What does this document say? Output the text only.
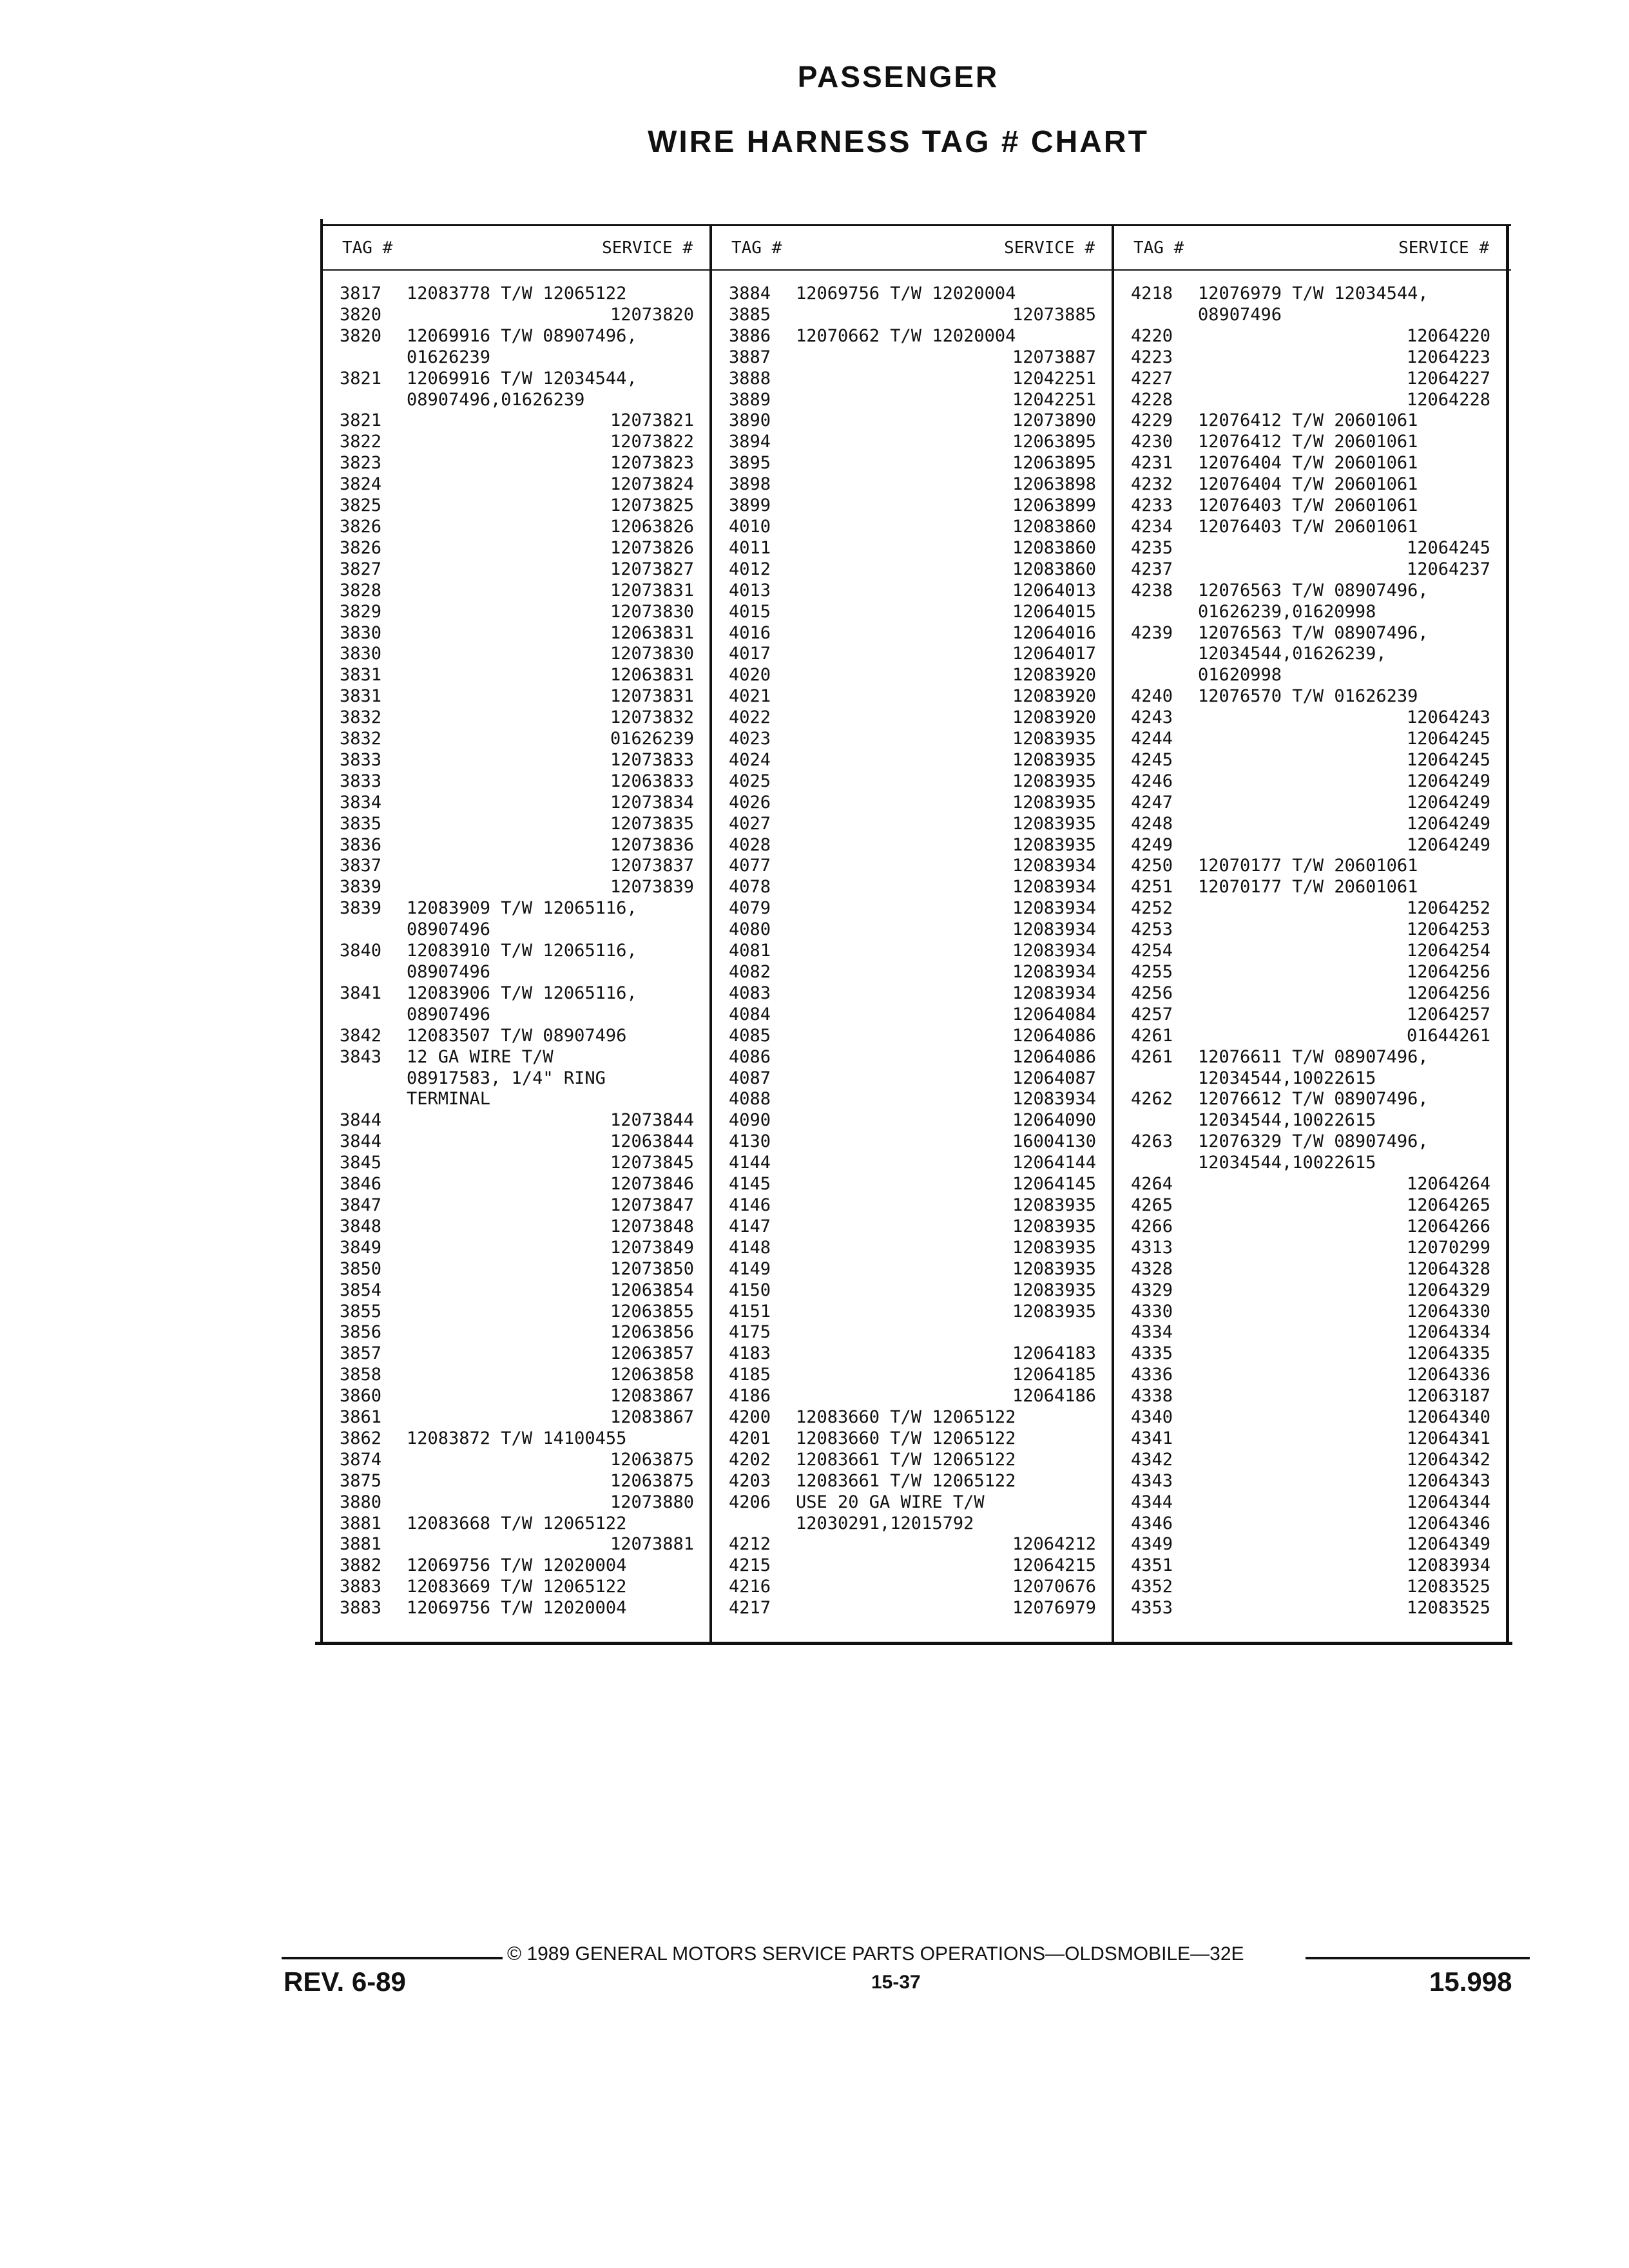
PASSENGER
WIRE HARNESS TAG # CHART
TAG #	SERVICE #
3817	12083778 T/W 12065122
3820	12073820
3820	12069916 T/W 08907496,
01626239
3821	12069916 T/W 12034544,
08907496,01626239
3821	12073821
3822	12073822
3823	12073823
3824	12073824
3825	12073825
3826	12063826
3826	12073826
3827	12073827
3828	12073831
3829	12073830
3830	12063831
3830	12073830
3831	12063831
3831	12073831
3832	12073832
3832	01626239
3833	12073833
3833	12063833
3834	12073834
3835	12073835
3836	12073836
3837	12073837
3839	12073839
3839	12083909 T/W 12065116,
08907496
3840	12083910 T/W 12065116,
08907496
3841	12083906 T/W 12065116,
08907496
3842	12083507 T/W 08907496
3843	12 GA WIRE T/W
08917583, 1/4" RING
TERMINAL
3844	12073844
3844	12063844
3845	12073845
3846	12073846
3847	12073847
3848	12073848
3849	12073849
3850	12073850
3854	12063854
3855	12063855
3856	12063856
3857	12063857
3858	12063858
3860	12083867
3861	12083867
3862	12083872 T/W 14100455
3874	12063875
3875	12063875
3880	12073880
3881	12083668 T/W 12065122
3881	12073881
3882	12069756 T/W 12020004
3883	12083669 T/W 12065122
3883	12069756 T/W 12020004
TAG #	SERVICE #
3884	12069756 T/W 12020004
3885	12073885
3886	12070662 T/W 12020004
3887	12073887
3888	12042251
3889	12042251
3890	12073890
3894	12063895
3895	12063895
3898	12063898
3899	12063899
4010	12083860
4011	12083860
4012	12083860
4013	12064013
4015	12064015
4016	12064016
4017	12064017
4020	12083920
4021	12083920
4022	12083920
4023	12083935
4024	12083935
4025	12083935
4026	12083935
4027	12083935
4028	12083935
4077	12083934
4078	12083934
4079	12083934
4080	12083934
4081	12083934
4082	12083934
4083	12083934
4084	12064084
4085	12064086
4086	12064086
4087	12064087
4088	12083934
4090	12064090
4130	16004130
4144	12064144
4145	12064145
4146	12083935
4147	12083935
4148	12083935
4149	12083935
4150	12083935
4151	12083935
4175

4183	12064183
4185	12064185
4186	12064186
4200	12083660 T/W 12065122
4201	12083660 T/W 12065122
4202	12083661 T/W 12065122
4203	12083661 T/W 12065122
4206	USE 20 GA WIRE T/W
12030291,12015792
4212	12064212
4215	12064215
4216	12070676
4217	12076979
TAG #	SERVICE #
4218	12076979 T/W 12034544,
08907496
4220	12064220
4223	12064223
4227	12064227
4228	12064228
4229	12076412 T/W 20601061
4230	12076412 T/W 20601061
4231	12076404 T/W 20601061
4232	12076404 T/W 20601061
4233	12076403 T/W 20601061
4234	12076403 T/W 20601061
4235	12064245
4237	12064237
4238	12076563 T/W 08907496,
01626239,01620998
4239	12076563 T/W 08907496,
12034544,01626239,
01620998
4240	12076570 T/W 01626239
4243	12064243
4244	12064245
4245	12064245
4246	12064249
4247	12064249
4248	12064249
4249	12064249
4250	12070177 T/W 20601061
4251	12070177 T/W 20601061
4252	12064252
4253	12064253
4254	12064254
4255	12064256
4256	12064256
4257	12064257
4261	01644261
4261	12076611 T/W 08907496,
12034544,10022615
4262	12076612 T/W 08907496,
12034544,10022615
4263	12076329 T/W 08907496,
12034544,10022615
4264	12064264
4265	12064265
4266	12064266
4313	12070299
4328	12064328
4329	12064329
4330	12064330
4334	12064334
4335	12064335
4336	12064336
4338	12063187
4340	12064340
4341	12064341
4342	12064342
4343	12064343
4344	12064344
4346	12064346
4349	12064349
4351	12083934
4352	12083525
4353	12083525
© 1989 GENERAL MOTORS SERVICE PARTS OPERATIONS—OLDSMOBILE—32E
REV. 6-89	15-37	15.998
